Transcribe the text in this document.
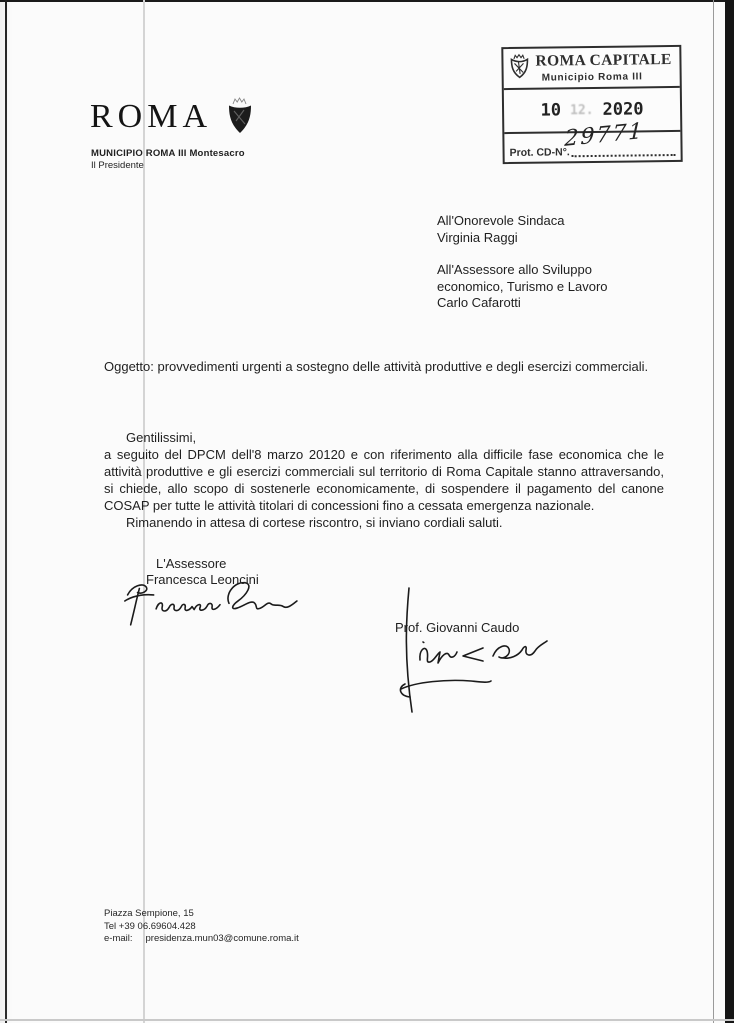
ROMA CAPITALE
Municipio Roma III
10 12. 2020
Prot. CD-N°.
29771
ROMA
MUNICIPIO ROMA III Montesacro
Il Presidente
All'Onorevole Sindaca
Virginia Raggi
All'Assessore allo Sviluppo
economico, Turismo e Lavoro
Carlo Cafarotti
Oggetto: provvedimenti urgenti a sostegno delle attività produttive e degli esercizi commerciali.
Gentilissimi,
a seguito del DPCM dell'8 marzo 20120 e con riferimento alla difficile fase economica che le attività produttive e gli esercizi commerciali sul territorio di Roma Capitale stanno attraversando, si chiede, allo scopo di sostenerle economicamente, di sospendere il pagamento del canone COSAP per tutte le attività titolari di concessioni fino a cessata emergenza nazionale.
Rimanendo in attesa di cortese riscontro, si inviano cordiali saluti.
L'Assessore
Francesca Leoncini
Prof. Giovanni Caudo
Piazza Sempione, 15
Tel +39 06.69604.428
e-mail: presidenza.mun03@comune.roma.it
